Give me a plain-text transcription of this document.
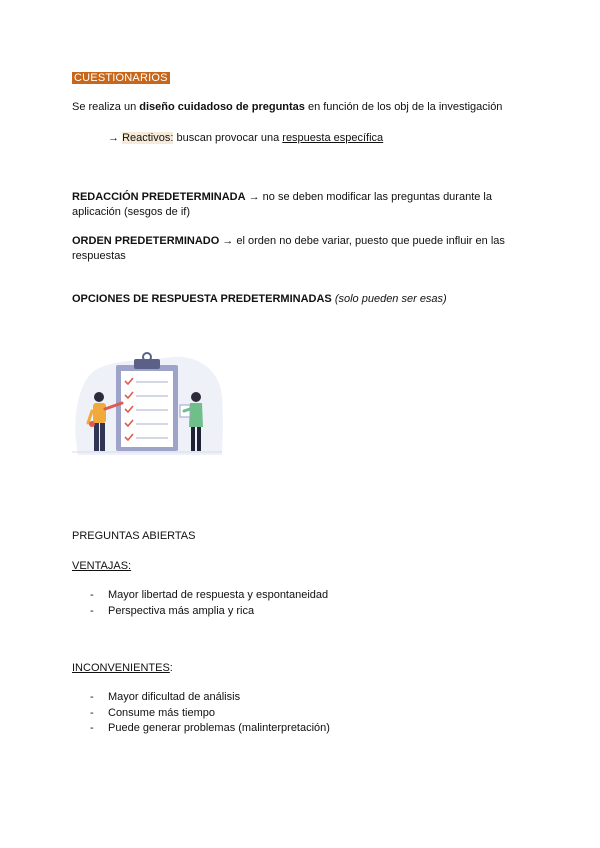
CUESTIONARIOS
Se realiza un diseño cuidadoso de preguntas en función de los obj de la investigación
→ Reactivos: buscan provocar una respuesta específica
REDACCIÓN PREDETERMINADA → no se deben modificar las preguntas durante la
aplicación (sesgos de if)
ORDEN PREDETERMINADO → el orden no debe variar, puesto que puede influir en las
respuestas
OPCIONES DE RESPUESTA PREDETERMINADAS (solo pueden ser esas)
PREGUNTAS ABIERTAS
VENTAJAS:
- Mayor libertad de respuesta y espontaneidad
- Perspectiva más amplia y rica
INCONVENIENTES:
- Mayor dificultad de análisis
- Consume más tiempo
- Puede generar problemas (malinterpretación)
